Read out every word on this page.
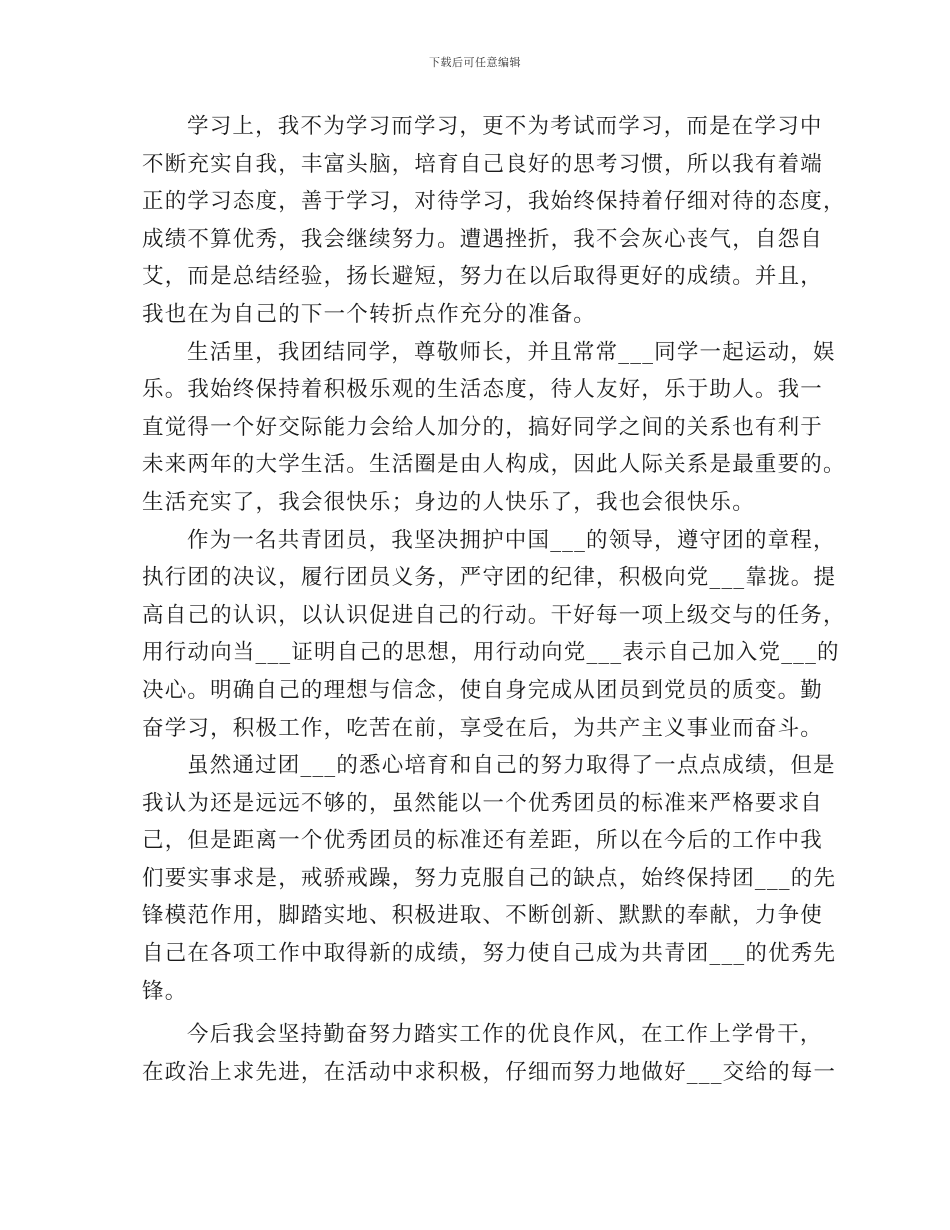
下载后可任意编辑
学习上，我不为学习而学习，更不为考试而学习，而是在学习中
不断充实自我，丰富头脑，培育自己良好的思考习惯，所以我有着端
正的学习态度，善于学习，对待学习，我始终保持着仔细对待的态度，
成绩不算优秀，我会继续努力。遭遇挫折，我不会灰心丧气，自怨自
艾，而是总结经验，扬长避短，努力在以后取得更好的成绩。并且，
我也在为自己的下一个转折点作充分的准备。
生活里，我团结同学，尊敬师长，并且常常___同学一起运动，娱
乐。我始终保持着积极乐观的生活态度，待人友好，乐于助人。我一
直觉得一个好交际能力会给人加分的，搞好同学之间的关系也有利于
未来两年的大学生活。生活圈是由人构成，因此人际关系是最重要的。
生活充实了，我会很快乐；身边的人快乐了，我也会很快乐。
作为一名共青团员，我坚决拥护中国___的领导，遵守团的章程，
执行团的决议，履行团员义务，严守团的纪律，积极向党___靠拢。提
高自己的认识，以认识促进自己的行动。干好每一项上级交与的任务，
用行动向当___证明自己的思想，用行动向党___表示自己加入党___的
决心。明确自己的理想与信念，使自身完成从团员到党员的质变。勤
奋学习，积极工作，吃苦在前，享受在后，为共产主义事业而奋斗。
虽然通过团___的悉心培育和自己的努力取得了一点点成绩，但是
我认为还是远远不够的，虽然能以一个优秀团员的标准来严格要求自
己，但是距离一个优秀团员的标准还有差距，所以在今后的工作中我
们要实事求是，戒骄戒躁，努力克服自己的缺点，始终保持团___的先
锋模范作用，脚踏实地、积极进取、不断创新、默默的奉献，力争使
自己在各项工作中取得新的成绩，努力使自己成为共青团___的优秀先
锋。
今后我会坚持勤奋努力踏实工作的优良作风，在工作上学骨干，
在政治上求先进，在活动中求积极，仔细而努力地做好___交给的每一
